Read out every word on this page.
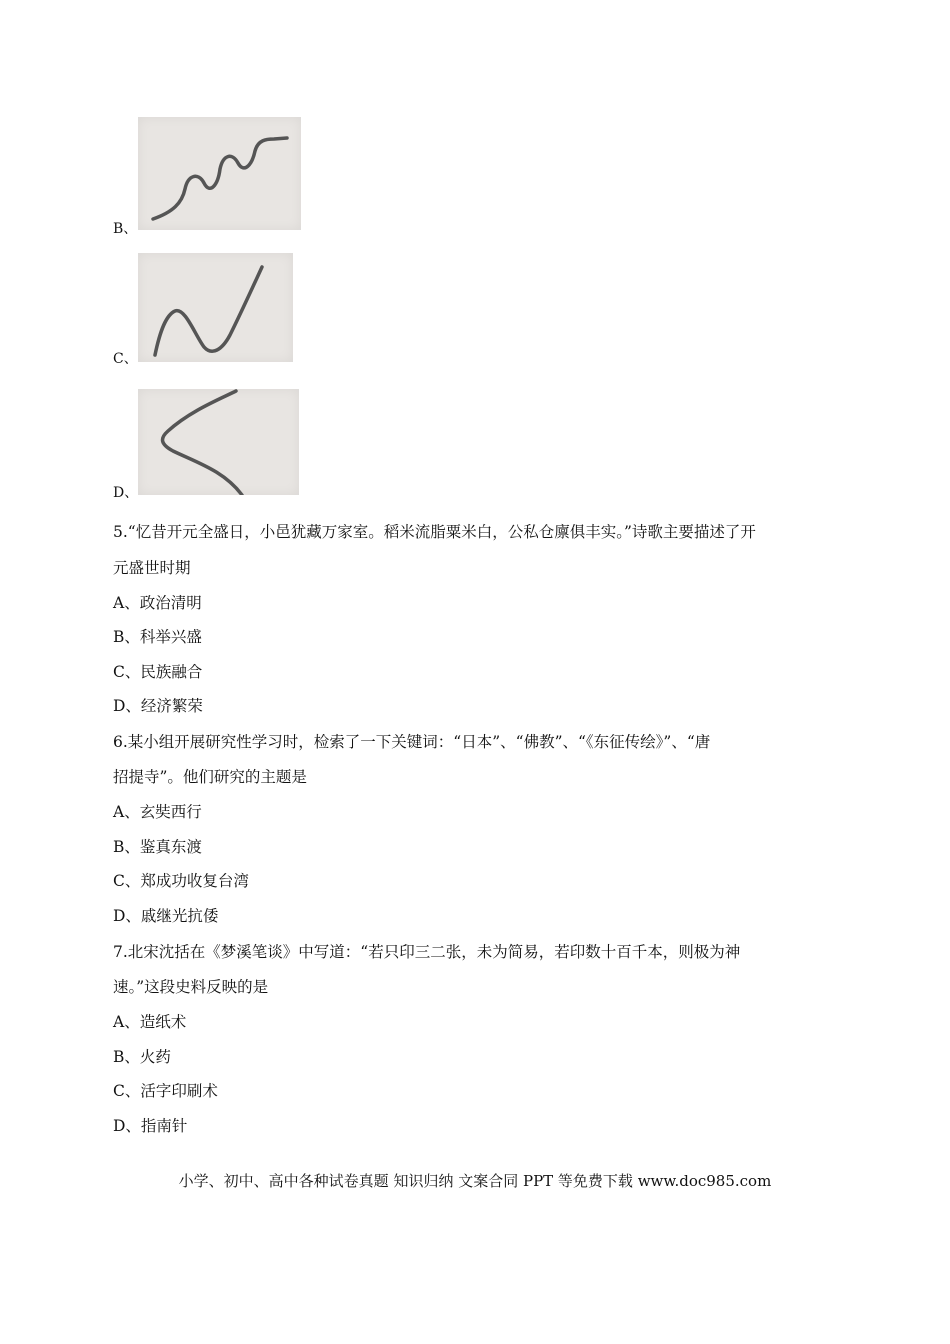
B、
C、
D、
5.“忆昔开元全盛日，小邑犹藏万家室。稻米流脂粟米白，公私仓廪俱丰实。”诗歌主要描述了开
元盛世时期
A、政治清明
B、科举兴盛
C、民族融合
D、经济繁荣
6.某小组开展研究性学习时，检索了一下关键词：“日本”、“佛教”、“《东征传绘》”、“唐
招提寺”。他们研究的主题是
A、玄奘西行
B、鉴真东渡
C、郑成功收复台湾
D、戚继光抗倭
7.北宋沈括在《梦溪笔谈》中写道：“若只印三二张，未为简易，若印数十百千本，则极为神
速。”这段史料反映的是
A、造纸术
B、火药
C、活字印刷术
D、指南针
小学、初中、高中各种试卷真题 知识归纳 文案合同 PPT 等免费下载 www.doc985.com
